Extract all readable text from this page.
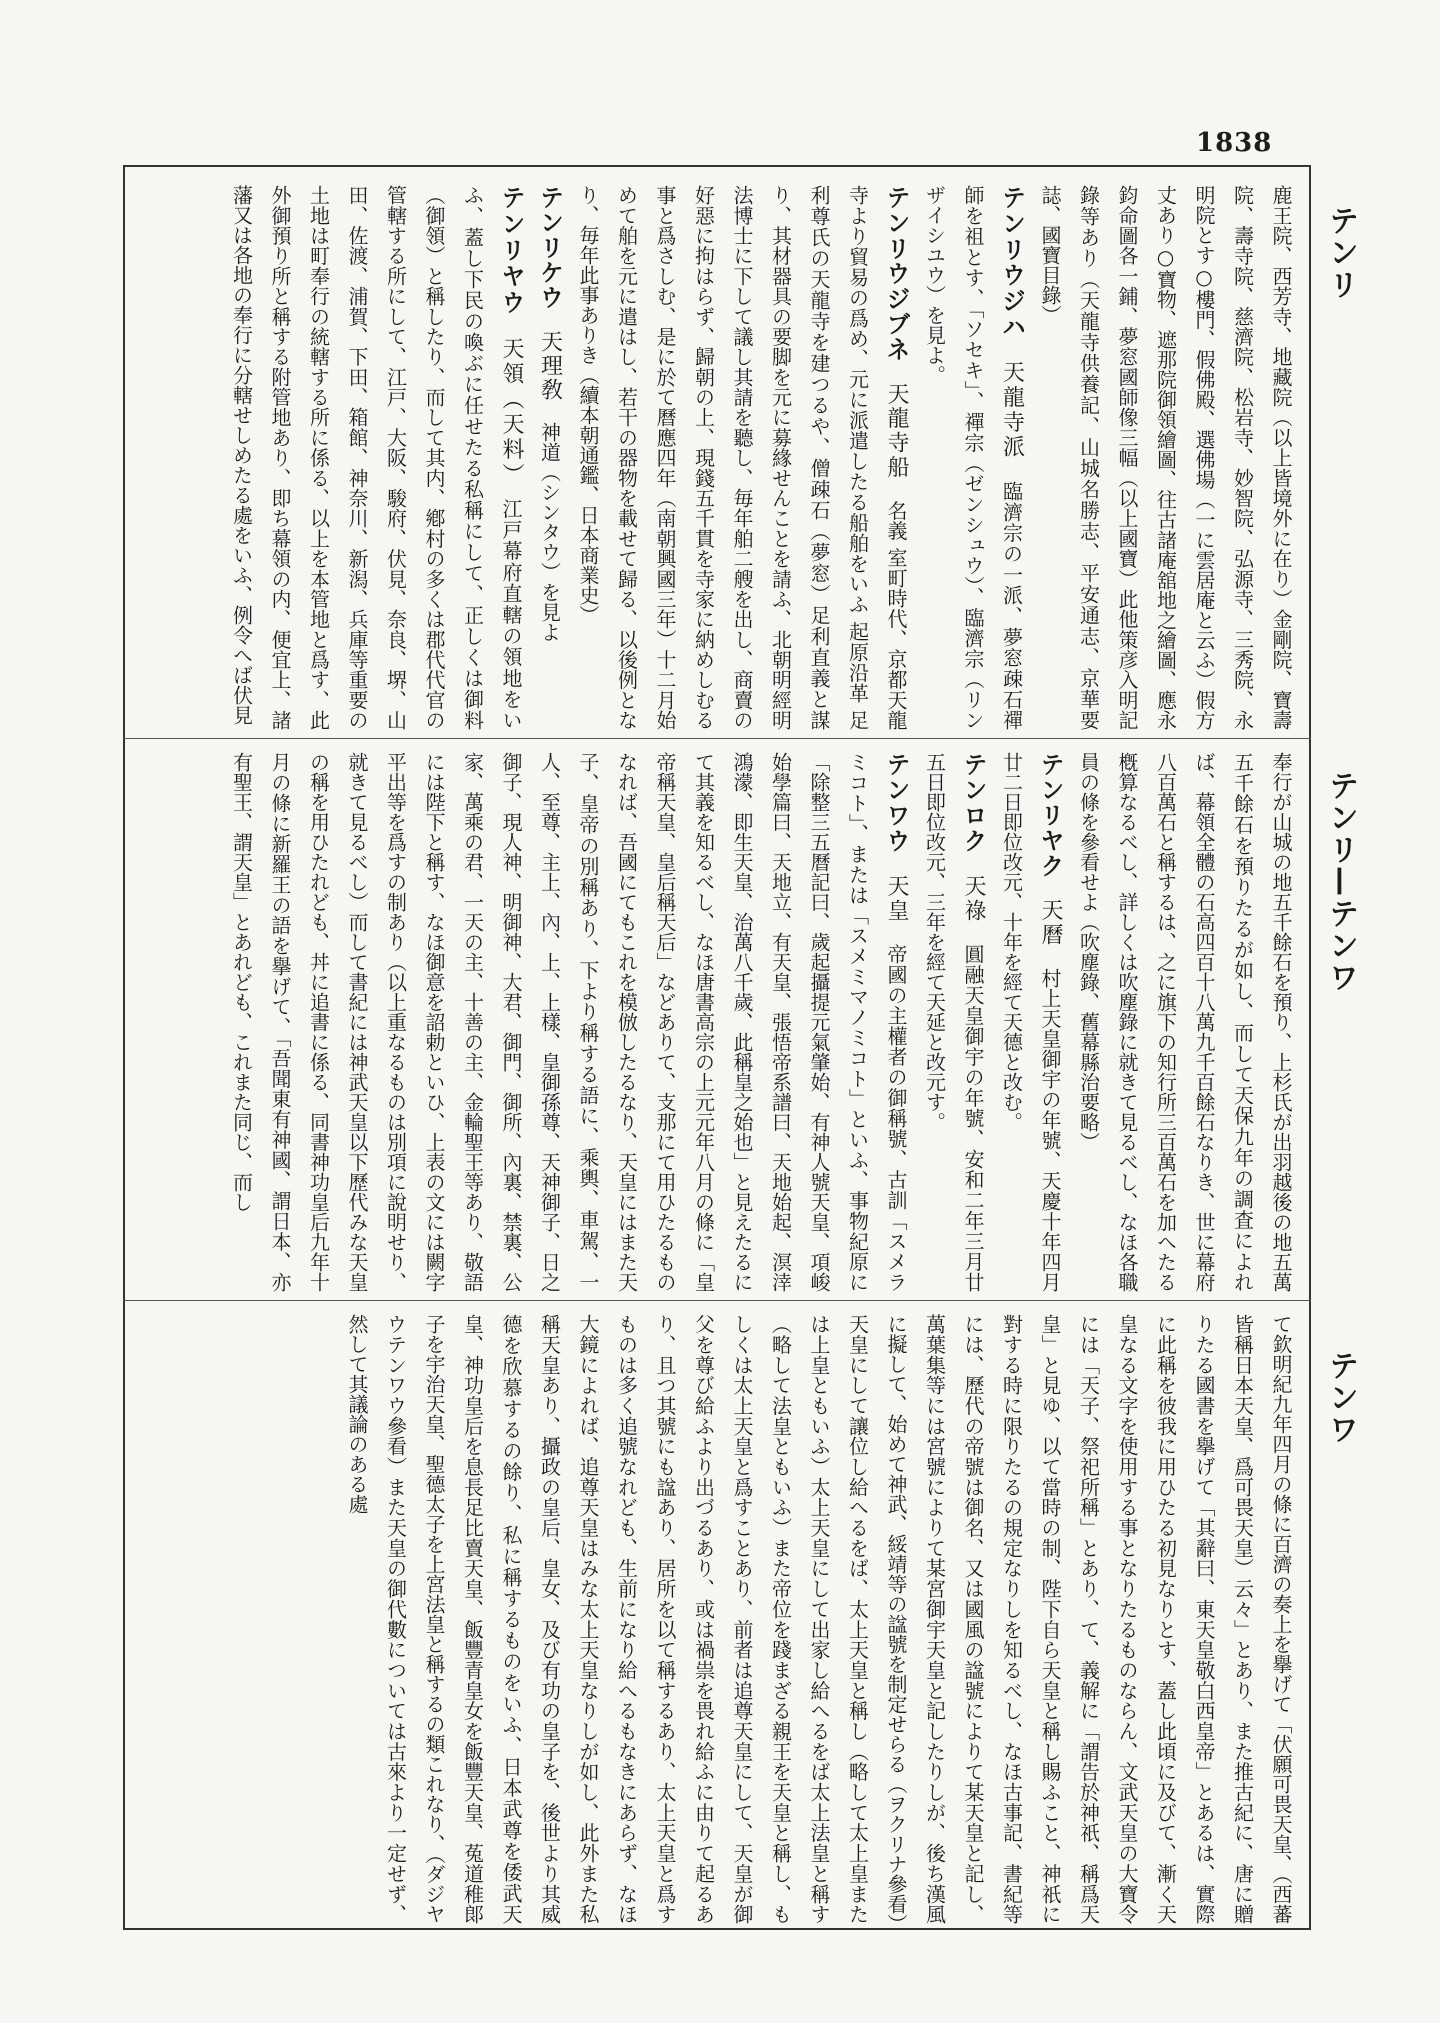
1838
テンリ
テンリ—テンワ
テンワ

鹿王院、西芳寺、地藏院（以上皆境外に在り）金剛院、寶壽院、壽寺院、慈濟院、松岩寺、妙智院、弘源寺、三秀院、永明院とす○樓門、假佛殿、選佛場（一に雲居庵と云ふ）假方丈あり○寶物、遮那院御領繪圖、往古諸庵舘地之繪圖、應永鈞命圖各一鋪、夢窓國師像三幅（以上國寶）此他策彦入明記錄等あり（天龍寺供養記、山城名勝志、平安通志、京華要誌、國寶目錄）

テンリウジハ　天龍寺派　臨濟宗の一派、夢窓疎石禪師を祖とす、「ソセキ」、禪宗（ゼンシュウ）、臨濟宗（リンザイシユウ）を見よ。

テンリウジブネ　天龍寺船　名義 室町時代、京都天龍寺より貿易の爲め、元に派遣したる船舶をいふ 起原沿革 足利尊氏の天龍寺を建つるや、僧疎石（夢窓）足利直義と謀り、其材器具の要脚を元に募緣せんことを請ふ、北朝明經明法博士に下して議し其請を聽し、毎年舶二艘を出し、商賣の好惡に拘はらず、歸朝の上、現錢五千貫を寺家に納めしむる事と爲さしむ、是に於て曆應四年（南朝興國三年）十二月始めて舶を元に遣はし、若干の器物を載せて歸る、以後例となり、毎年此事ありき（續本朝通鑑、日本商業史）

テンリケウ　天理敎　神道（シンタウ）を見よ

テンリヤウ　天領（天料）　江戸幕府直轄の領地をいふ、蓋し下民の喚ぶに任せたる私稱にして、正しくは御料（御領）と稱したり、而して其内、鄕村の多くは郡代代官の管轄する所にして、江戸、大阪、駿府、伏見、奈良、堺、山田、佐渡、浦賀、下田、箱館、神奈川、新潟、兵庫等重要の土地は町奉行の統轄する所に係る、以上を本管地と爲す、此外御預り所と稱する附管地あり、即ち幕領の内、便宜上、諸藩又は各地の奉行に分轄せしめたる處をいふ、例令へば伏見

奉行が山城の地五千餘石を預り、上杉氏が出羽越後の地五萬五千餘石を預りたるが如し、而して天保九年の調査によれば、幕領全體の石高四百十八萬九千百餘石なりき、世に幕府八百萬石と稱するは、之に旗下の知行所三百萬石を加へたる槪算なるべし、詳しくは吹塵錄に就きて見るべし、なほ各職員の條を參看せよ（吹塵錄、舊幕縣治要略）

テンリヤク　天曆　村上天皇御宇の年號、天慶十年四月廿二日即位改元、十年を經て天德と改む。

テンロク　天祿　圓融天皇御宇の年號、安和二年三月廿五日即位改元、三年を經て天延と改元す。

テンワウ　天皇　帝國の主權者の御稱號、古訓「スメラミコト」、または「スメミマノミコト」といふ、事物紀原に「除整三五曆記曰、歲起攝提元氣肇始、有神人號天皇、項峻始學篇曰、天地立、有天皇、張悟帝系譜曰、天地始起、溟涬鴻濛、即生天皇、治萬八千歲、此稱皇之始也」と見えたるにて其義を知るべし、なほ唐書高宗の上元元年八月の條に「皇帝稱天皇、皇后稱天后」などありて、支那にて用ひたるものなれば、吾國にてもこれを模倣したるなり、天皇にはまた天子、皇帝の別稱あり、下より稱する語に、乘輿、車駕、一人、至尊、主上、內、上、上樣、皇御孫尊、天神御子、日之御子、現人神、明御神、大君、御門、御所、內裏、禁裏、公家、萬乘の君、一天の主、十善の主、金輪聖王等あり、敬語には陛下と稱す、なほ御意を詔勅といひ、上表の文には闕字平出等を爲すの制あり（以上重なるものは別項に說明せり、就きて見るべし）而して書紀には神武天皇以下歷代みな天皇の稱を用ひたれども、丼に追書に係る、同書神功皇后九年十月の條に新羅王の語を擧げて、「吾聞東有神國、謂日本、亦有聖王、謂天皇」とあれども、これまた同じ、而し

て欽明紀九年四月の條に百濟の奏上を擧げて「伏願可畏天皇、（西蕃皆稱日本天皇、爲可畏天皇）云々」とあり、また推古紀に、唐に贈りたる國書を擧げて「其辭曰、東天皇敬白西皇帝」とあるは、實際に此稱を彼我に用ひたる初見なりとす、蓋し此頃に及びて、漸く天皇なる文字を使用する事となりたるものならん、文武天皇の大寶令には「天子、祭祀所稱」とあり、て、義解に「謂告於神祇、稱爲天皇」と見ゆ、以て當時の制、陛下自ら天皇と稱し賜ふこと、神祇に對する時に限りたるの規定なりしを知るべし、なほ古事記、書紀等には、歷代の帝號は御名、又は國風の諡號によりて某天皇と記し、萬葉集等には宮號によりて某宮御宇天皇と記したりしが、後ち漢風に擬して、始めて神武、綏靖等の諡號を制定せらる（ヲクリナ參看）天皇にして讓位し給へるをば、太上天皇と稱し（略して太上皇または上皇ともいふ）太上天皇にして出家し給へるをば太上法皇と稱す（略して法皇ともいふ）また帝位を踐まざる親王を天皇と稱し、もしくは太上天皇と爲すことあり、前者は追尊天皇にして、天皇が御父を尊び給ふより出づるあり、或は禍祟を畏れ給ふに由りて起るあり、且つ其號にも諡あり、居所を以て稱するあり、太上天皇と爲すものは多く追號なれども、生前になり給へるもなきにあらず、なほ大鏡によれば、追尊天皇はみな太上天皇なりしが如し、此外また私稱天皇あり、攝政の皇后、皇女、及び有功の皇子を、後世より其威德を欣慕するの餘り、私に稱するものをいふ、日本武尊を倭武天皇、神功皇后を息長足比賣天皇、飯豐青皇女を飯豐天皇、菟道稚郞子を宇治天皇、聖德太子を上宮法皇と稱するの類これなり、（ダジヤウテンワウ參看）また天皇の御代數については古來より一定せず、然して其議論のある處
